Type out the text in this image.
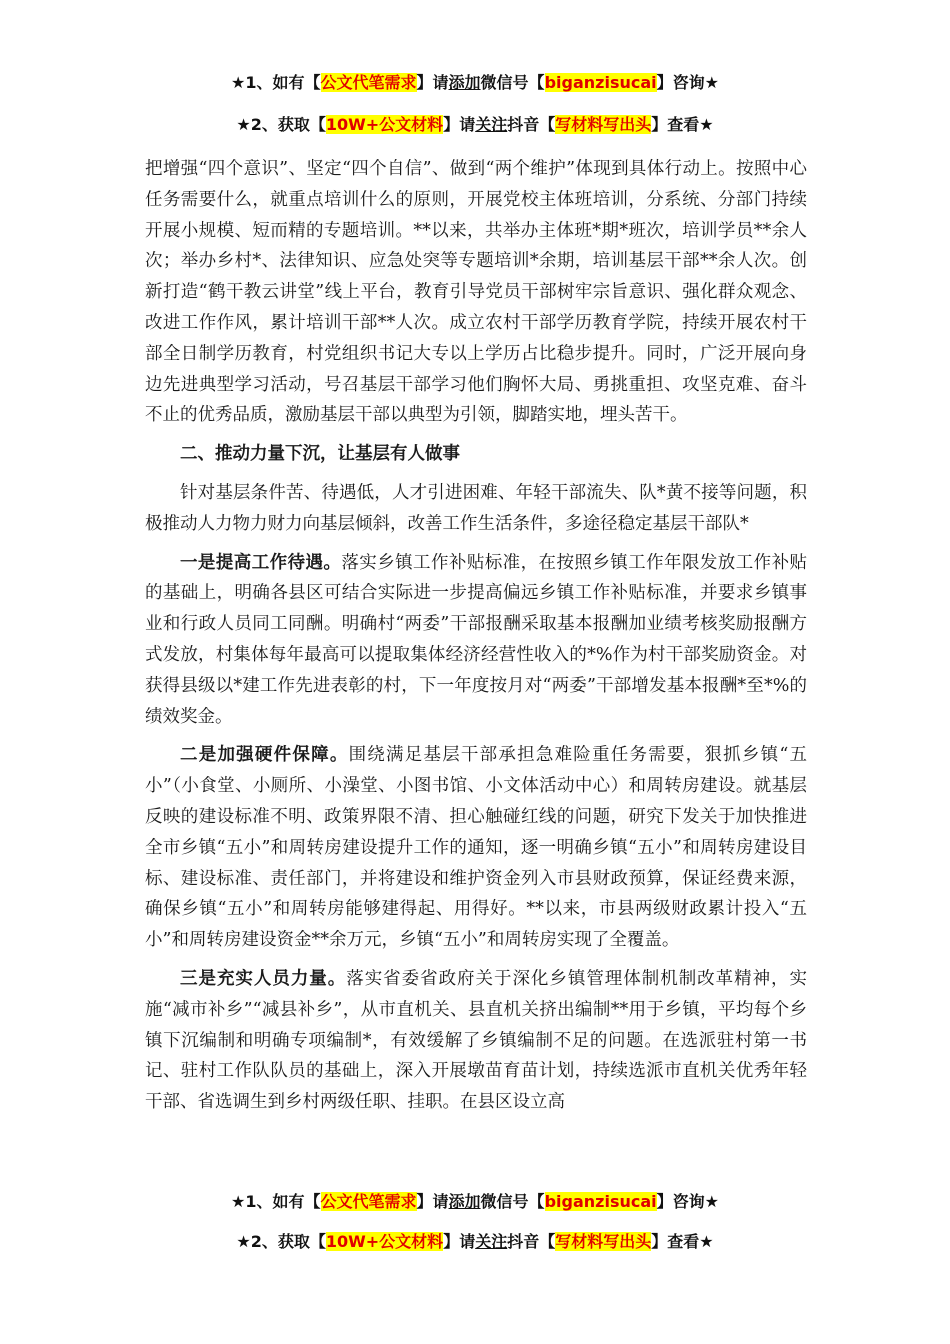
★1、如有【公文代笔需求】请添加微信号【biganzisucai】咨询★
★2、获取【10W+公文材料】请关注抖音【写材料写出头】查看★

把增强“四个意识”、坚定“四个自信”、做到“两个维护”体现到具体行动上。按照中心任务需要什么，就重点培训什么的原则，开展党校主体班培训，分系统、分部门持续开展小规模、短而精的专题培训。**以来，共举办主体班*期*班次，培训学员**余人次；举办乡村*、法律知识、应急处突等专题培训*余期，培训基层干部**余人次。创新打造“鹤干教云讲堂”线上平台，教育引导党员干部树牢宗旨意识、强化群众观念、改进工作作风，累计培训干部**人次。成立农村干部学历教育学院，持续开展农村干部全日制学历教育，村党组织书记大专以上学历占比稳步提升。同时，广泛开展向身边先进典型学习活动，号召基层干部学习他们胸怀大局、勇挑重担、攻坚克难、奋斗不止的优秀品质，激励基层干部以典型为引领，脚踏实地，埋头苦干。

二、推动力量下沉，让基层有人做事

针对基层条件苦、待遇低，人才引进困难、年轻干部流失、队*黄不接等问题，积极推动人力物力财力向基层倾斜，改善工作生活条件，多途径稳定基层干部队*

一是提高工作待遇。落实乡镇工作补贴标准，在按照乡镇工作年限发放工作补贴的基础上，明确各县区可结合实际进一步提高偏远乡镇工作补贴标准，并要求乡镇事业和行政人员同工同酬。明确村“两委”干部报酬采取基本报酬加业绩考核奖励报酬方式发放，村集体每年最高可以提取集体经济经营性收入的*%作为村干部奖励资金。对获得县级以*建工作先进表彰的村，下一年度按月对“两委”干部增发基本报酬*至*%的绩效奖金。

二是加强硬件保障。围绕满足基层干部承担急难险重任务需要，狠抓乡镇“五小”（小食堂、小厕所、小澡堂、小图书馆、小文体活动中心）和周转房建设。就基层反映的建设标准不明、政策界限不清、担心触碰红线的问题，研究下发关于加快推进全市乡镇“五小”和周转房建设提升工作的通知，逐一明确乡镇“五小”和周转房建设目标、建设标准、责任部门，并将建设和维护资金列入市县财政预算，保证经费来源，确保乡镇“五小”和周转房能够建得起、用得好。**以来，市县两级财政累计投入“五小”和周转房建设资金**余万元，乡镇“五小”和周转房实现了全覆盖。

三是充实人员力量。落实省委省政府关于深化乡镇管理体制机制改革精神，实施“减市补乡”“减县补乡”，从市直机关、县直机关挤出编制**用于乡镇，平均每个乡镇下沉编制和明确专项编制*，有效缓解了乡镇编制不足的问题。在选派驻村第一书记、驻村工作队队员的基础上，深入开展墩苗育苗计划，持续选派市直机关优秀年轻干部、省选调生到乡村两级任职、挂职。在县区设立高

★1、如有【公文代笔需求】请添加微信号【biganzisucai】咨询★
★2、获取【10W+公文材料】请关注抖音【写材料写出头】查看★
